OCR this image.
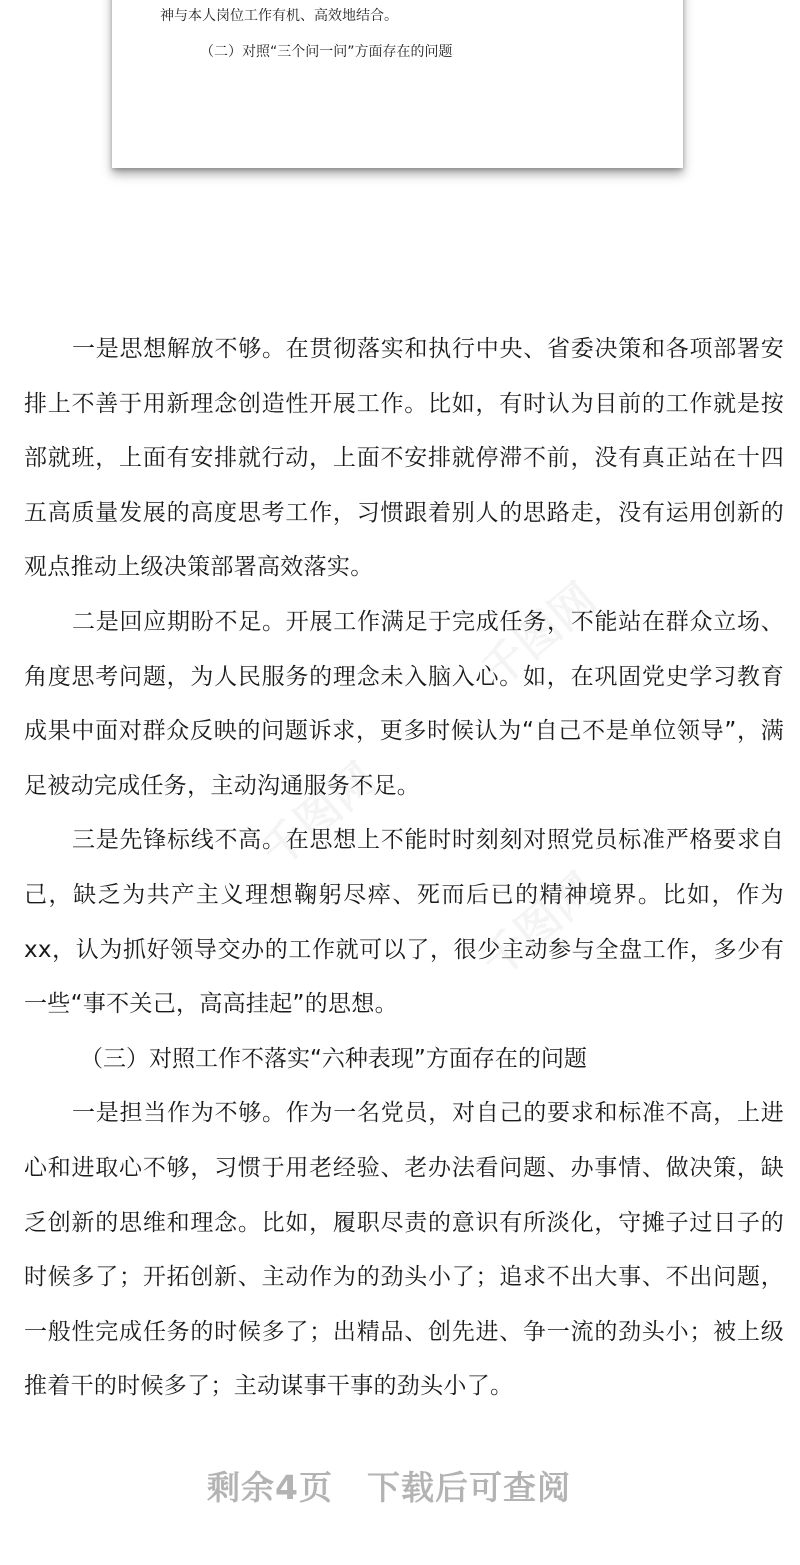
神与本人岗位工作有机、高效地结合。
（二）对照“三个问一问”方面存在的问题

一是思想解放不够。在贯彻落实和执行中央、省委决策和各项部署安排上不善于用新理念创造性开展工作。比如，有时认为目前的工作就是按部就班，上面有安排就行动，上面不安排就停滞不前，没有真正站在十四五高质量发展的高度思考工作，习惯跟着别人的思路走，没有运用创新的观点推动上级决策部署高效落实。

二是回应期盼不足。开展工作满足于完成任务，不能站在群众立场、角度思考问题，为人民服务的理念未入脑入心。如，在巩固党史学习教育成果中面对群众反映的问题诉求，更多时候认为“自己不是单位领导”，满足被动完成任务，主动沟通服务不足。

三是先锋标线不高。在思想上不能时时刻刻对照党员标准严格要求自己，缺乏为共产主义理想鞠躬尽瘁、死而后已的精神境界。比如，作为 xx，认为抓好领导交办的工作就可以了，很少主动参与全盘工作，多少有一些“事不关己，高高挂起”的思想。

（三）对照工作不落实“六种表现”方面存在的问题

一是担当作为不够。作为一名党员，对自己的要求和标准不高，上进心和进取心不够，习惯于用老经验、老办法看问题、办事情、做决策，缺乏创新的思维和理念。比如，履职尽责的意识有所淡化，守摊子过日子的时候多了；开拓创新、主动作为的劲头小了；追求不出大事、不出问题，一般性完成任务的时候多了；出精品、创先进、争一流的劲头小；被上级推着干的时候多了；主动谋事干事的劲头小了。

剩余4页 下载后可查阅
